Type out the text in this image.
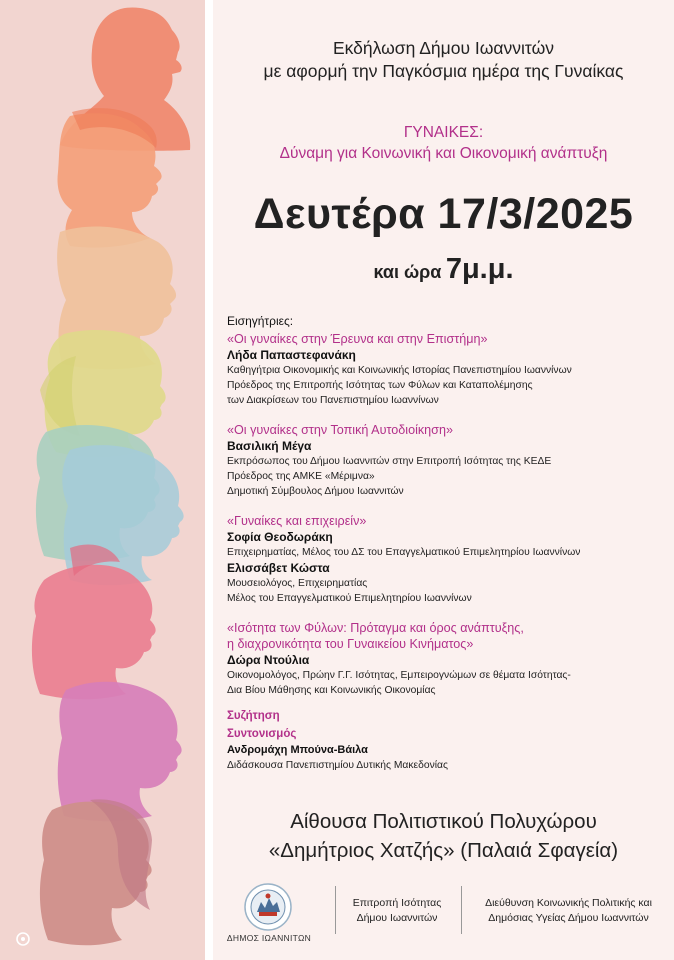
Εκδήλωση Δήμου Ιωαννιτών
με αφορμή την Παγκόσμια ημέρα της Γυναίκας
ΓΥΝΑΙΚΕΣ:
Δύναμη για Κοινωνική και Οικονομική ανάπτυξη
Δευτέρα 17/3/2025
και ώρα 7μ.μ.
Εισηγήτριες:
«Οι γυναίκες στην Έρευνα και στην Επιστήμη»
Λήδα Παπαστεφανάκη
Καθηγήτρια Οικονομικής και Κοινωνικής Ιστορίας Πανεπιστημίου Ιωαννίνων
Πρόεδρος της Επιτροπής Ισότητας των Φύλων και Καταπολέμησης
των Διακρίσεων του Πανεπιστημίου Ιωαννίνων
«Οι γυναίκες στην Τοπική Αυτοδιοίκηση»
Βασιλική Μέγα
Εκπρόσωπος του Δήμου Ιωαννιτών στην Επιτροπή Ισότητας της ΚΕΔΕ
Πρόεδρος της ΑΜΚΕ «Μέριμνα»
Δημοτική Σύμβουλος Δήμου Ιωαννιτών
«Γυναίκες και επιχειρείν»
Σοφία Θεοδωράκη
Επιχειρηματίας, Μέλος του ΔΣ του Επαγγελματικού Επιμελητηρίου Ιωαννίνων
Ελισσάβετ Κώστα
Μουσειολόγος, Επιχειρηματίας
Μέλος του Επαγγελματικού Επιμελητηρίου Ιωαννίνων
«Ισότητα των Φύλων: Πρόταγμα και όρος ανάπτυξης,
η διαχρονικότητα του Γυναικείου Κινήματος»
Δώρα Ντούλια
Οικονομολόγος, Πρώην Γ.Γ. Ισότητας, Εμπειρογνώμων σε θέματα Ισότητας-
Δια Βίου Μάθησης και Κοινωνικής Οικονομίας
Συζήτηση
Συντονισμός
Ανδρομάχη Μπούνα-Βάιλα
Διδάσκουσα Πανεπιστημίου Δυτικής Μακεδονίας
Αίθουσα Πολιτιστικού Πολυχώρου
«Δημήτριος Χατζής» (Παλαιά Σφαγεία)
ΔΗΜΟΣ ΙΩΑΝΝΙΤΩΝ
Επιτροπή Ισότητας
Δήμου Ιωαννιτών
Διεύθυνση Κοινωνικής Πολιτικής και
Δημόσιας Υγείας Δήμου Ιωαννιτών
